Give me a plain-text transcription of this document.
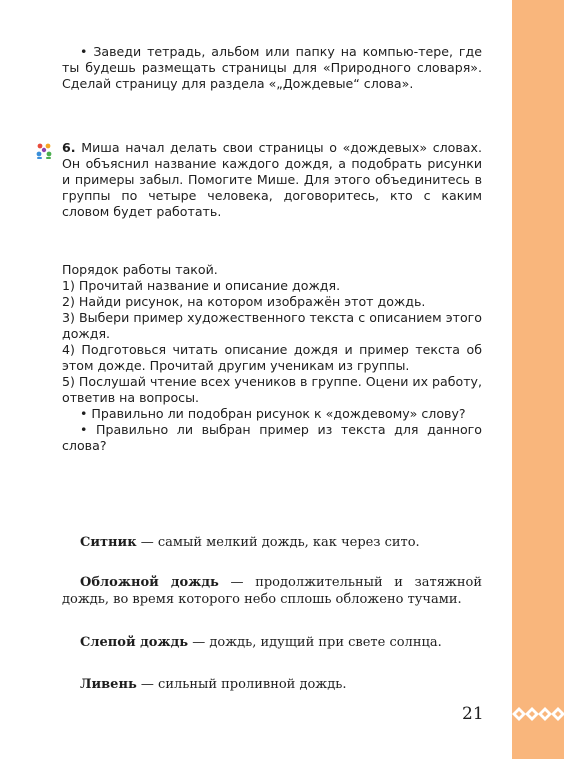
• Заведи тетрадь, альбом или папку на компью-тере, где ты будешь размещать страницы для «Природного словаря». Сделай страницу для раздела «„Дождевые“ слова».

6. Миша начал делать свои страницы о «дождевых» словах. Он объяснил название каждого дождя, а подобрать рисунки и примеры забыл. Помогите Мише. Для этого объединитесь в группы по четыре человека, договоритесь, кто с каким словом будет работать.

Порядок работы такой.

1) Прочитай название и описание дождя.

2) Найди рисунок, на котором изображён этот дождь.

3) Выбери пример художественного текста с описанием этого дождя.

4) Подготовься читать описание дождя и пример текста об этом дожде. Прочитай другим ученикам из группы.

5) Послушай чтение всех учеников в группе. Оцени их работу, ответив на вопросы.

• Правильно ли подобран рисунок к «дождевому» слову?

• Правильно ли выбран пример из текста для данного слова?

Ситник — самый мелкий дождь, как через сито.

Обложной дождь — продолжительный и затяжной дождь, во время которого небо сплошь обложено тучами.

Слепой дождь — дождь, идущий при свете солнца.

Ливень — сильный проливной дождь.

21
